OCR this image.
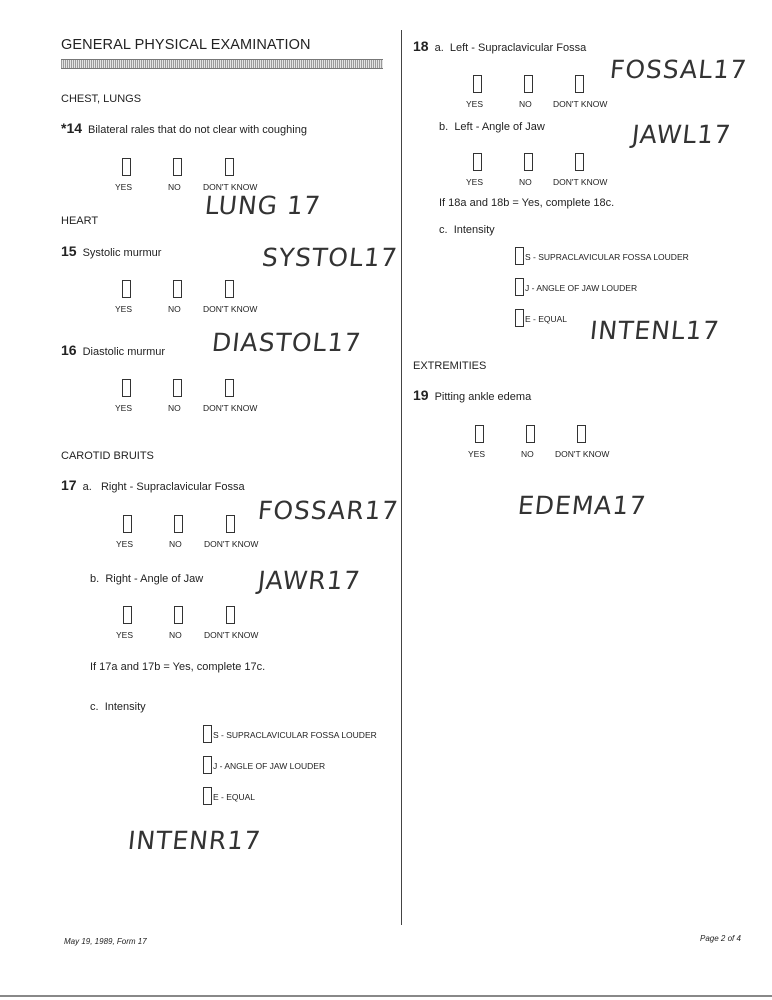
GENERAL PHYSICAL EXAMINATION
CHEST, LUNGS
*14 Bilateral rales that do not clear with coughing
YES	NO	DON'T KNOW
LUNG 17
HEART
15 Systolic murmur	SYSTOL17
YES	NO	DON'T KNOW
16 Diastolic murmur DIASTOL17
YES	NO	DON'T KNOW
CAROTID BRUITS
17 a. Right - Supraclavicular Fossa
FOSSAR17
YES	NO	DON'T KNOW
b. Right - Angle of Jaw JAWR17
YES	NO	DON'T KNOW
If 17a and 17b = Yes, complete 17c.
c. Intensity
S - SUPRACLAVICULAR FOSSA LOUDER
J - ANGLE OF JAW LOUDER
E - EQUAL
INTENR17
18 a. Left - Supraclavicular Fossa
FOSSAL17
YES	NO	DON'T KNOW
b. Left - Angle of Jaw	JAWL17
YES	NO	DON'T KNOW
If 18a and 18b = Yes, complete 18c.
c. Intensity
S - SUPRACLAVICULAR FOSSA LOUDER
J - ANGLE OF JAW LOUDER
E - EQUAL INTENL17
EXTREMITIES
19 Pitting ankle edema
YES	NO	DON'T KNOW
EDEMA17
May 19, 1989, Form 17	Page 2 of 4
